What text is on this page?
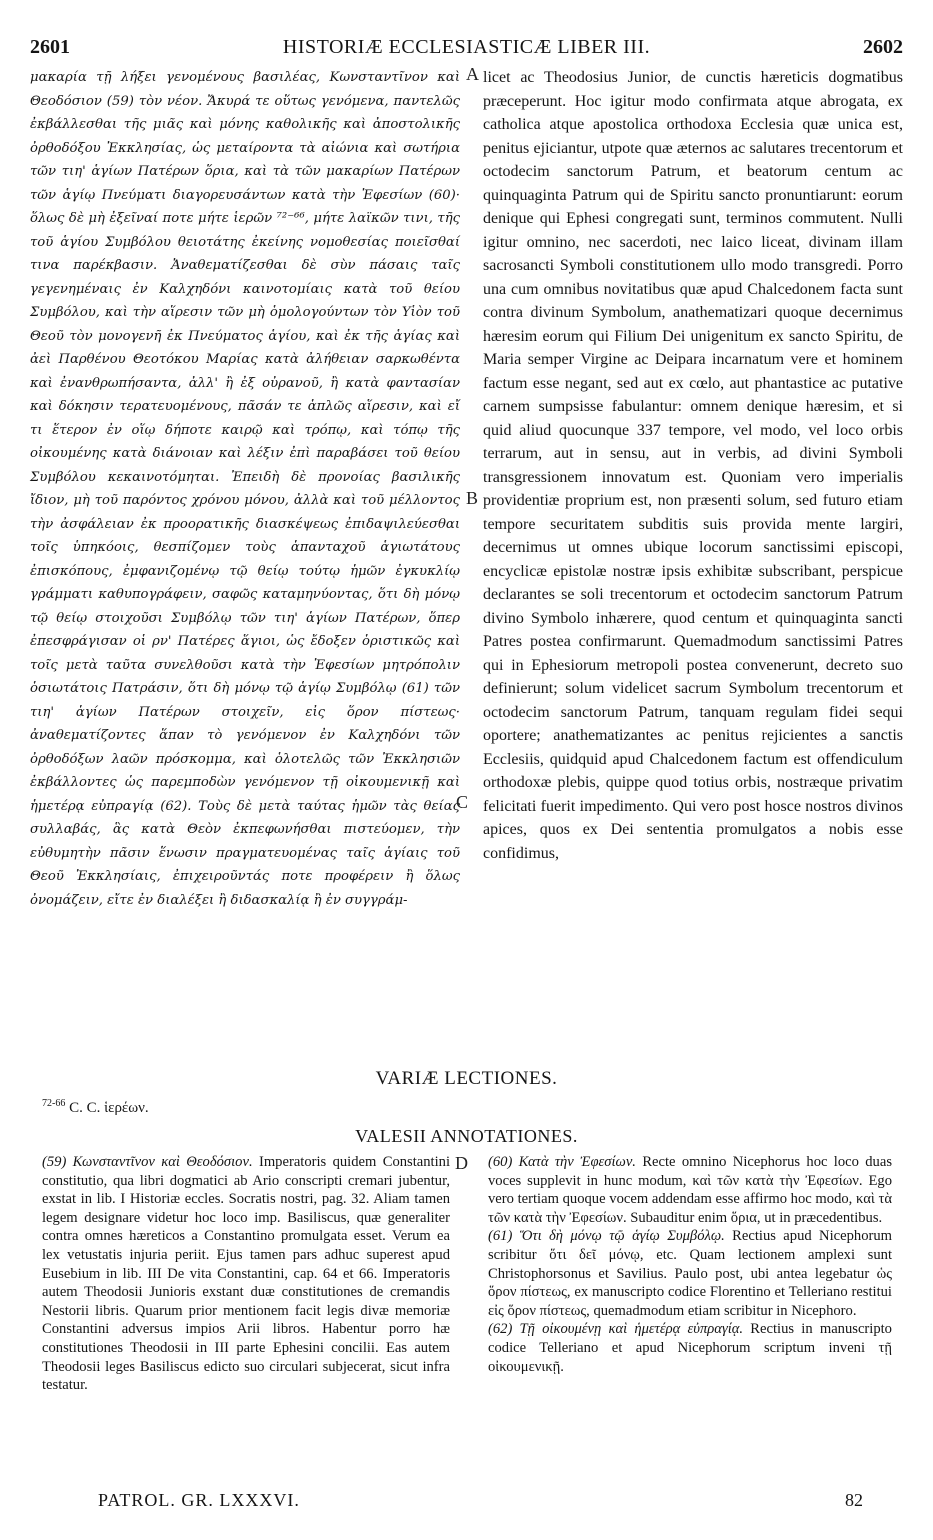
2601	HISTORIÆ ECCLESIASTICÆ LIBER III.	2602

μακαρία τῇ λήξει γενομένους βασιλέας, Κωνσταντῖνον καὶ Θεοδόσιον (59) τὸν νέον. Ἄκυρά τε οὕτως γενόμενα, παντελῶς ἐκβάλλεσθαι τῆς μιᾶς καὶ μόνης καθολικῆς καὶ ἀποστολικῆς ὀρθοδόξου Ἐκκλησίας, ὡς μεταίροντα τὰ αἰώνια καὶ σωτήρια τῶν τιη' ἁγίων Πατέρων ὅρια, καὶ τὰ τῶν μακαρίων Πατέρων τῶν ἁγίῳ Πνεύματι διαγορευσάντων κατὰ τὴν Ἐφεσίων (60)· ὅλως δὲ μὴ ἐξεῖναί ποτε μήτε ἱερῶν ⁷²⁻⁶⁶, μήτε λαϊκῶν τινι, τῆς τοῦ ἁγίου Συμβόλου θειοτάτης ἐκείνης νομοθεσίας ποιεῖσθαί τινα παρέκβασιν. Ἀναθεματίζεσθαι δὲ σὺν πάσαις ταῖς γεγενημέναις ἐν Καλχηδόνι καινοτομίαις κατὰ τοῦ θείου Συμβόλου, καὶ τὴν αἵρεσιν τῶν μὴ ὁμολογούντων τὸν Υἱὸν τοῦ Θεοῦ τὸν μονογενῆ ἐκ Πνεύματος ἁγίου, καὶ ἐκ τῆς ἁγίας καὶ ἀεὶ Παρθένου Θεοτόκου Μαρίας κατὰ ἀλήθειαν σαρκωθέντα καὶ ἐνανθρωπήσαντα, ἀλλ' ἢ ἐξ οὐρανοῦ, ἢ κατὰ φαντασίαν καὶ δόκησιν τερατευομένους, πᾶσάν τε ἁπλῶς αἵρεσιν, καὶ εἴ τι ἕτερον ἐν οἵῳ δήποτε καιρῷ καὶ τρόπῳ, καὶ τόπῳ τῆς οἰκουμένης κατὰ διάνοιαν καὶ λέξιν ἐπὶ παραβάσει τοῦ θείου Συμβόλου κεκαινοτόμηται. Ἐπειδὴ δὲ προνοίας βασιλικῆς ἴδιον, μὴ τοῦ παρόντος χρόνου μόνου, ἀλλὰ καὶ τοῦ μέλλοντος τὴν ἀσφάλειαν ἐκ προορατικῆς διασκέψεως ἐπιδαψιλεύεσθαι τοῖς ὑπηκόοις, θεσπίζομεν τοὺς ἁπανταχοῦ ἁγιωτάτους ἐπισκόπους, ἐμφανιζομένῳ τῷ θείῳ τούτῳ ἡμῶν ἐγκυκλίῳ γράμματι καθυπογράφειν, σαφῶς καταμηνύοντας, ὅτι δὴ μόνῳ τῷ θείῳ στοιχοῦσι Συμβόλῳ τῶν τιη' ἁγίων Πατέρων, ὅπερ ἐπεσφράγισαν οἱ ρν' Πατέρες ἅγιοι, ὡς ἔδοξεν ὁριστικῶς καὶ τοῖς μετὰ ταῦτα συνελθοῦσι κατὰ τὴν Ἐφεσίων μητρόπολιν ὁσιωτάτοις Πατράσιν, ὅτι δὴ μόνῳ τῷ ἁγίῳ Συμβόλῳ (61) τῶν τιη' ἁγίων Πατέρων στοιχεῖν, εἰς ὅρον πίστεως· ἀναθεματίζοντες ἅπαν τὸ γενόμενον ἐν Καλχηδόνι τῶν ὀρθοδόξων λαῶν πρόσκομμα, καὶ ὁλοτελῶς τῶν Ἐκκλησιῶν ἐκβάλλοντες ὡς παρεμποδὼν γενόμενον τῇ οἰκουμενικῇ καὶ ἡμετέρᾳ εὐπραγίᾳ (62). Τοὺς δὲ μετὰ ταύτας ἡμῶν τὰς θείας συλλαβάς, ἃς κατὰ Θεὸν ἐκπεφωνήσθαι πιστεύομεν, τὴν εὐθυμητὴν πᾶσιν ἕνωσιν πραγματευομένας ταῖς ἁγίαις τοῦ Θεοῦ Ἐκκλησίαις, ἐπιχειροῦντάς ποτε προφέρειν ἢ ὅλως ὀνομάζειν, εἴτε ἐν διαλέξει ἢ διδασκαλίᾳ ἢ ἐν συγγράμ-

licet ac Theodosius Junior, de cunctis hæreticis dogmatibus præceperunt. Hoc igitur modo confirmata atque abrogata, ex catholica atque apostolica orthodoxa Ecclesia quæ unica est, penitus ejiciantur, utpote quæ æternos ac salutares trecentorum et octodecim sanctorum Patrum, et beatorum centum ac quinquaginta Patrum qui de Spiritu sancto pronuntiarunt: eorum denique qui Ephesi congregati sunt, terminos commutent. Nulli igitur omnino, nec sacerdoti, nec laico liceat, divinam illam sacrosancti Symboli constitutionem ullo modo transgredi. Porro una cum omnibus novitatibus quæ apud Chalcedonem facta sunt contra divinum Symbolum, anathematizari quoque decernimus hæresim eorum qui Filium Dei unigenitum ex sancto Spiritu, de Maria semper Virgine ac Deipara incarnatum vere et hominem factum esse negant, sed aut ex cœlo, aut phantastice ac putative carnem sumpsisse fabulantur: omnem denique hæresim, et si quid aliud quocunque 337 tempore, vel modo, vel loco orbis terrarum, aut in sensu, aut in verbis, ad divini Symboli transgressionem innovatum est. Quoniam vero imperialis providentiæ proprium est, non præsenti solum, sed futuro etiam tempore securitatem subditis suis provida mente largiri, decernimus ut omnes ubique locorum sanctissimi episcopi, encyclicæ epistolæ nostræ ipsis exhibitæ subscribant, perspicue declarantes se soli trecentorum et octodecim sanctorum Patrum divino Symbolo inhærere, quod centum et quinquaginta sancti Patres postea confirmarunt. Quemadmodum sanctissimi Patres qui in Ephesiorum metropoli postea convenerunt, decreto suo definierunt; solum videlicet sacrum Symbolum trecentorum et octodecim sanctorum Patrum, tanquam regulam fidei sequi oportere; anathematizantes ac penitus rejicientes a sanctis Ecclesiis, quidquid apud Chalcedonem factum est offendiculum orthodoxæ plebis, quippe quod totius orbis, nostræque privatim felicitati fuerit impedimento. Qui vero post hosce nostros divinos apices, quos ex Dei sententia promulgatos a nobis esse confidimus,

A
B
C
VARIÆ LECTIONES.
$^{72-66}$ C. C. ἱερέων.
VALESII ANNOTATIONES.
D

(59) Κωνσταντῖνον καὶ Θεοδόσιον. Imperatoris quidem Constantini constitutio, qua libri dogmatici ab Ario conscripti cremari jubentur, exstat in lib. I Historiæ eccles. Socratis nostri, pag. 32. Aliam tamen legem designare videtur hoc loco imp. Basiliscus, quæ generaliter contra omnes hæreticos a Constantino promulgata esset. Verum ea lex vetustatis injuria periit. Ejus tamen pars adhuc superest apud Eusebium in lib. III De vita Constantini, cap. 64 et 66. Imperatoris autem Theodosii Junioris exstant duæ constitutiones de cremandis Nestorii libris. Quarum prior mentionem facit legis divæ memoriæ Constantini adversus impios Arii libros. Habentur porro hæ constitutiones Theodosii in III parte Ephesini concilii. Eas autem Theodosii leges Basiliscus edicto suo circulari subjecerat, sicut infra testatur.

(60) Κατὰ τὴν Ἐφεσίων. Recte omnino Nicephorus hoc loco duas voces supplevit in hunc modum, καὶ τῶν κατὰ τὴν Ἐφεσίων. Ego vero tertiam quoque vocem addendam esse affirmo hoc modo, καὶ τὰ τῶν κατὰ τὴν Ἐφεσίων. Subauditur enim ὅρια, ut in præcedentibus.

(61) Ὅτι δὴ μόνῳ τῷ ἁγίῳ Συμβόλῳ. Rectius apud Nicephorum scribitur ὅτι δεῖ μόνῳ, etc. Quam lectionem amplexi sunt Christophorsonus et Savilius. Paulo post, ubi antea legebatur ὡς ὅρον πίστεως, ex manuscripto codice Florentino et Telleriano restitui εἰς ὅρον πίστεως, quemadmodum etiam scribitur in Nicephoro.

(62) Τῇ οἰκουμένῃ καὶ ἡμετέρᾳ εὐπραγίᾳ. Rectius in manuscripto codice Telleriano et apud Nicephorum scriptum inveni τῇ οἰκουμενικῇ.

PATROL. GR. LXXXVI.	82
